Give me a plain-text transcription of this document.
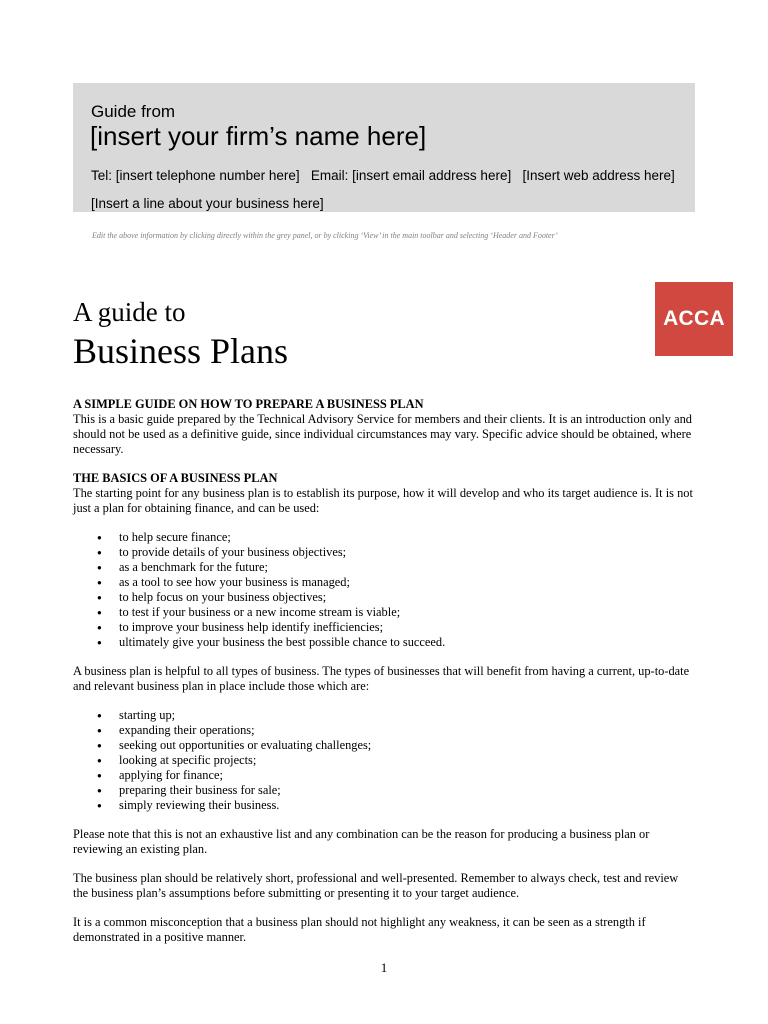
Guide from
[insert your firm’s name here]
Tel: [insert telephone number here]   Email: [insert email address here]   [Insert web address here]
[Insert a line about your business here]
Edit the above information by clicking directly within the grey panel, or by clicking ‘View’ in the main toolbar and selecting ‘Header and Footer’
A guide to
Business Plans
ACCA
A SIMPLE GUIDE ON HOW TO PREPARE A BUSINESS PLAN

This is a basic guide prepared by the Technical Advisory Service for members and their clients. It is an introduction only and should not be used as a definitive guide, since individual circumstances may vary. Specific advice should be obtained, where necessary.

THE BASICS OF A BUSINESS PLAN

The starting point for any business plan is to establish its purpose, how it will develop and who its target audience is. It is not just a plan for obtaining finance, and can be used:

● to help secure finance;
● to provide details of your business objectives;
● as a benchmark for the future;
● as a tool to see how your business is managed;
● to help focus on your business objectives;
● to test if your business or a new income stream is viable;
● to improve your business help identify inefficiencies;
● ultimately give your business the best possible chance to succeed.

A business plan is helpful to all types of business. The types of businesses that will benefit from having a current, up-to-date and relevant business plan in place include those which are:

● starting up;
● expanding their operations;
● seeking out opportunities or evaluating challenges;
● looking at specific projects;
● applying for finance;
● preparing their business for sale;
● simply reviewing their business.

Please note that this is not an exhaustive list and any combination can be the reason for producing a business plan or reviewing an existing plan.

The business plan should be relatively short, professional and well-presented. Remember to always check, test and review the business plan’s assumptions before submitting or presenting it to your target audience.

It is a common misconception that a business plan should not highlight any weakness, it can be seen as a strength if demonstrated in a positive manner.

1
